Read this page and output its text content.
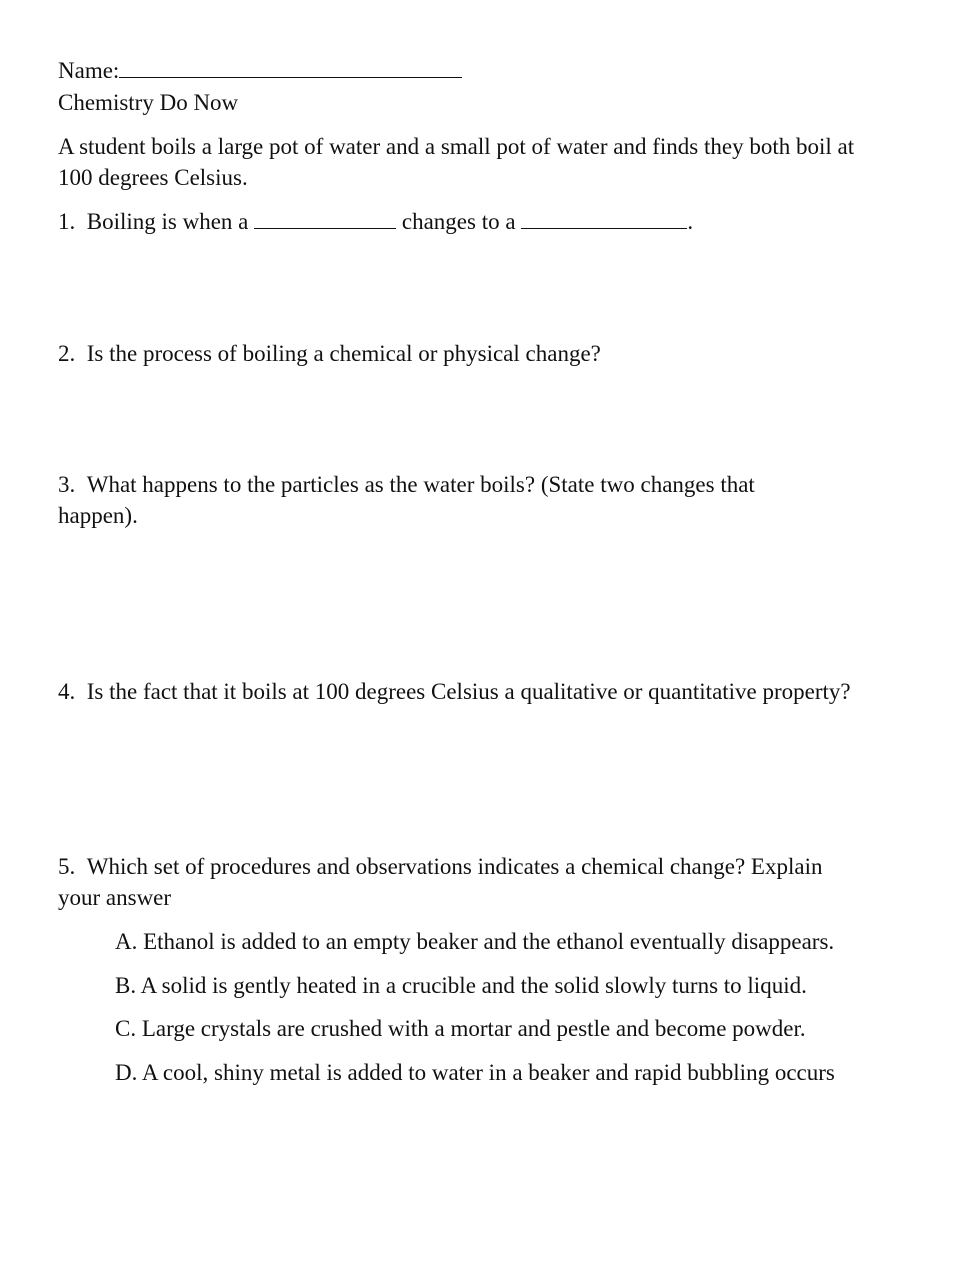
Name:
Chemistry Do Now
A student boils a large pot of water and a small pot of water and finds they both boil at
100 degrees Celsius.
1. Boiling is when a	changes to a	.
2. Is the process of boiling a chemical or physical change?
3. What happens to the particles as the water boils? (State two changes that
happen).
4. Is the fact that it boils at 100 degrees Celsius a qualitative or quantitative property?
5. Which set of procedures and observations indicates a chemical change? Explain
your answer
A. Ethanol is added to an empty beaker and the ethanol eventually disappears.
B. A solid is gently heated in a crucible and the solid slowly turns to liquid.
C. Large crystals are crushed with a mortar and pestle and become powder.
D. A cool, shiny metal is added to water in a beaker and rapid bubbling occurs
